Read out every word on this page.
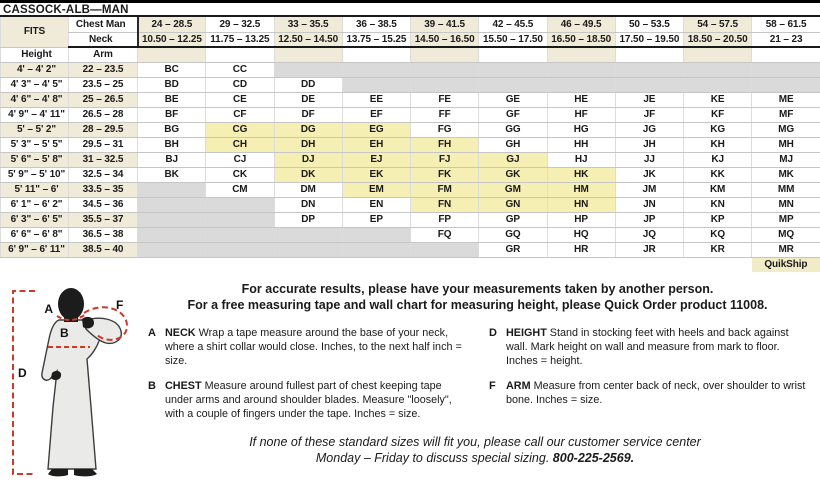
CASSOCK-ALB—MAN
FITS	Chest Man	24 – 28.5	29 – 32.5	33 – 35.5	36 – 38.5	39 – 41.5	42 – 45.5	46 – 49.5	50 – 53.5	54 – 57.5	58 – 61.5
	Neck	10.50 – 12.25	11.75 – 13.25	12.50 – 14.50	13.75 – 15.25	14.50 – 16.50	15.50 – 17.50	16.50 – 18.50	17.50 – 19.50	18.50 – 20.50	21 – 23
Height	Arm										
4' – 4' 2"	22 – 23.5	BC	CC								
4' 3" – 4' 5"	23.5 – 25	BD	CD	DD							
4' 6" – 4' 8"	25 – 26.5	BE	CE	DE	EE	FE	GE	HE	JE	KE	ME
4' 9" – 4' 11"	26.5 – 28	BF	CF	DF	EF	FF	GF	HF	JF	KF	MF
5' – 5' 2"	28 – 29.5	BG	CG	DG	EG	FG	GG	HG	JG	KG	MG
5' 3" – 5' 5"	29.5 – 31	BH	CH	DH	EH	FH	GH	HH	JH	KH	MH
5' 6" – 5' 8"	31 – 32.5	BJ	CJ	DJ	EJ	FJ	GJ	HJ	JJ	KJ	MJ
5' 9" – 5' 10"	32.5 – 34	BK	CK	DK	EK	FK	GK	HK	JK	KK	MK
5' 11" – 6'	33.5 – 35		CM	DM	EM	FM	GM	HM	JM	KM	MM
6' 1" – 6' 2"	34.5 – 36			DN	EN	FN	GN	HN	JN	KN	MN
6' 3" – 6' 5"	35.5 – 37			DP	EP	FP	GP	HP	JP	KP	MP
6' 6" – 6' 8"	36.5 – 38					FQ	GQ	HQ	JQ	KQ	MQ
6' 9" – 6' 11"	38.5 – 40						GR	HR	JR	KR	MR
											QuikShip
A
B
D
F
For accurate results, please have your measurements taken by another person.
For a free measuring tape and wall chart for measuring height, please Quick Order product 11008.
A NECK Wrap a tape measure around the base of your neck, where a shirt collar would close. Inches, to the next half inch = size.
D HEIGHT Stand in stocking feet with heels and back against wall. Mark height on wall and measure from mark to floor. Inches = height.
B CHEST Measure around fullest part of chest keeping tape under arms and around shoulder blades. Measure "loosely", with a couple of fingers under the tape. Inches = size.
F ARM Measure from center back of neck, over shoulder to wrist bone. Inches = size.
If none of these standard sizes will fit you, please call our customer service center
Monday – Friday to discuss special sizing. 800-225-2569.
